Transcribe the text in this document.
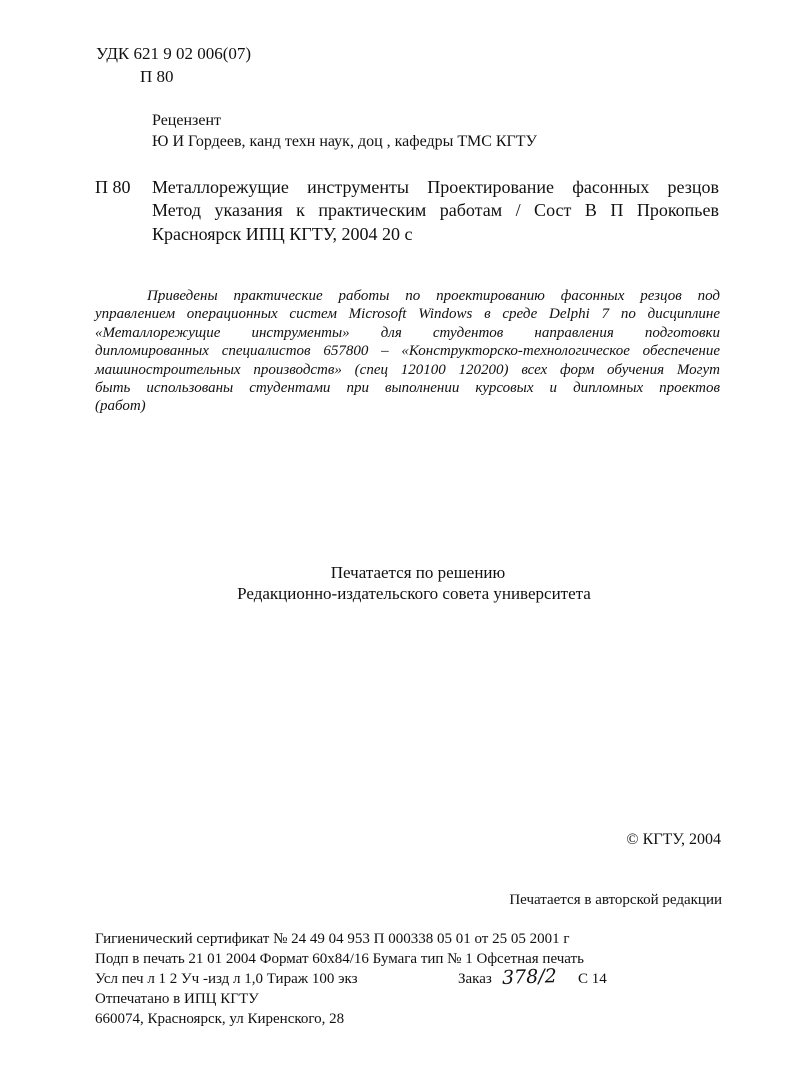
УДК 621 9 02 006(07)
П 80
Рецензент
Ю И Гордеев, канд техн наук, доц , кафедры ТМС КГТУ
П 80 Металлорежущие инструменты Проектирование фасонных резцов
Метод указания к практическим работам / Сост В П Прокопьев
Красноярск ИПЦ КГТУ, 2004 20 с
Приведены практические работы по проектированию фасонных резцов под
управлением операционных систем Microsoft Windows в среде Delphi 7 по дисциплине
«Металлорежущие инструменты» для студентов направления подготовки
дипломированных специалистов 657800 – «Конструкторско-технологическое обеспечение
машиностроительных производств» (спец 120100 120200) всех форм обучения Могут
быть использованы студентами при выполнении курсовых и дипломных проектов
(работ)
Печатается по решению
Редакционно-издательского совета университета
© КГТУ, 2004
Печатается в авторской редакции
Гигиенический сертификат № 24 49 04 953 П 000338 05 01 от 25 05 2001 г
Подп в печать 21 01 2004 Формат 60х84/16 Бумага тип № 1 Офсетная печать
Усл печ л 1 2 Уч -изд л 1,0 Тираж 100 экз	Заказ 378/2 С 14
Отпечатано в ИПЦ КГТУ
660074, Красноярск, ул Киренского, 28
